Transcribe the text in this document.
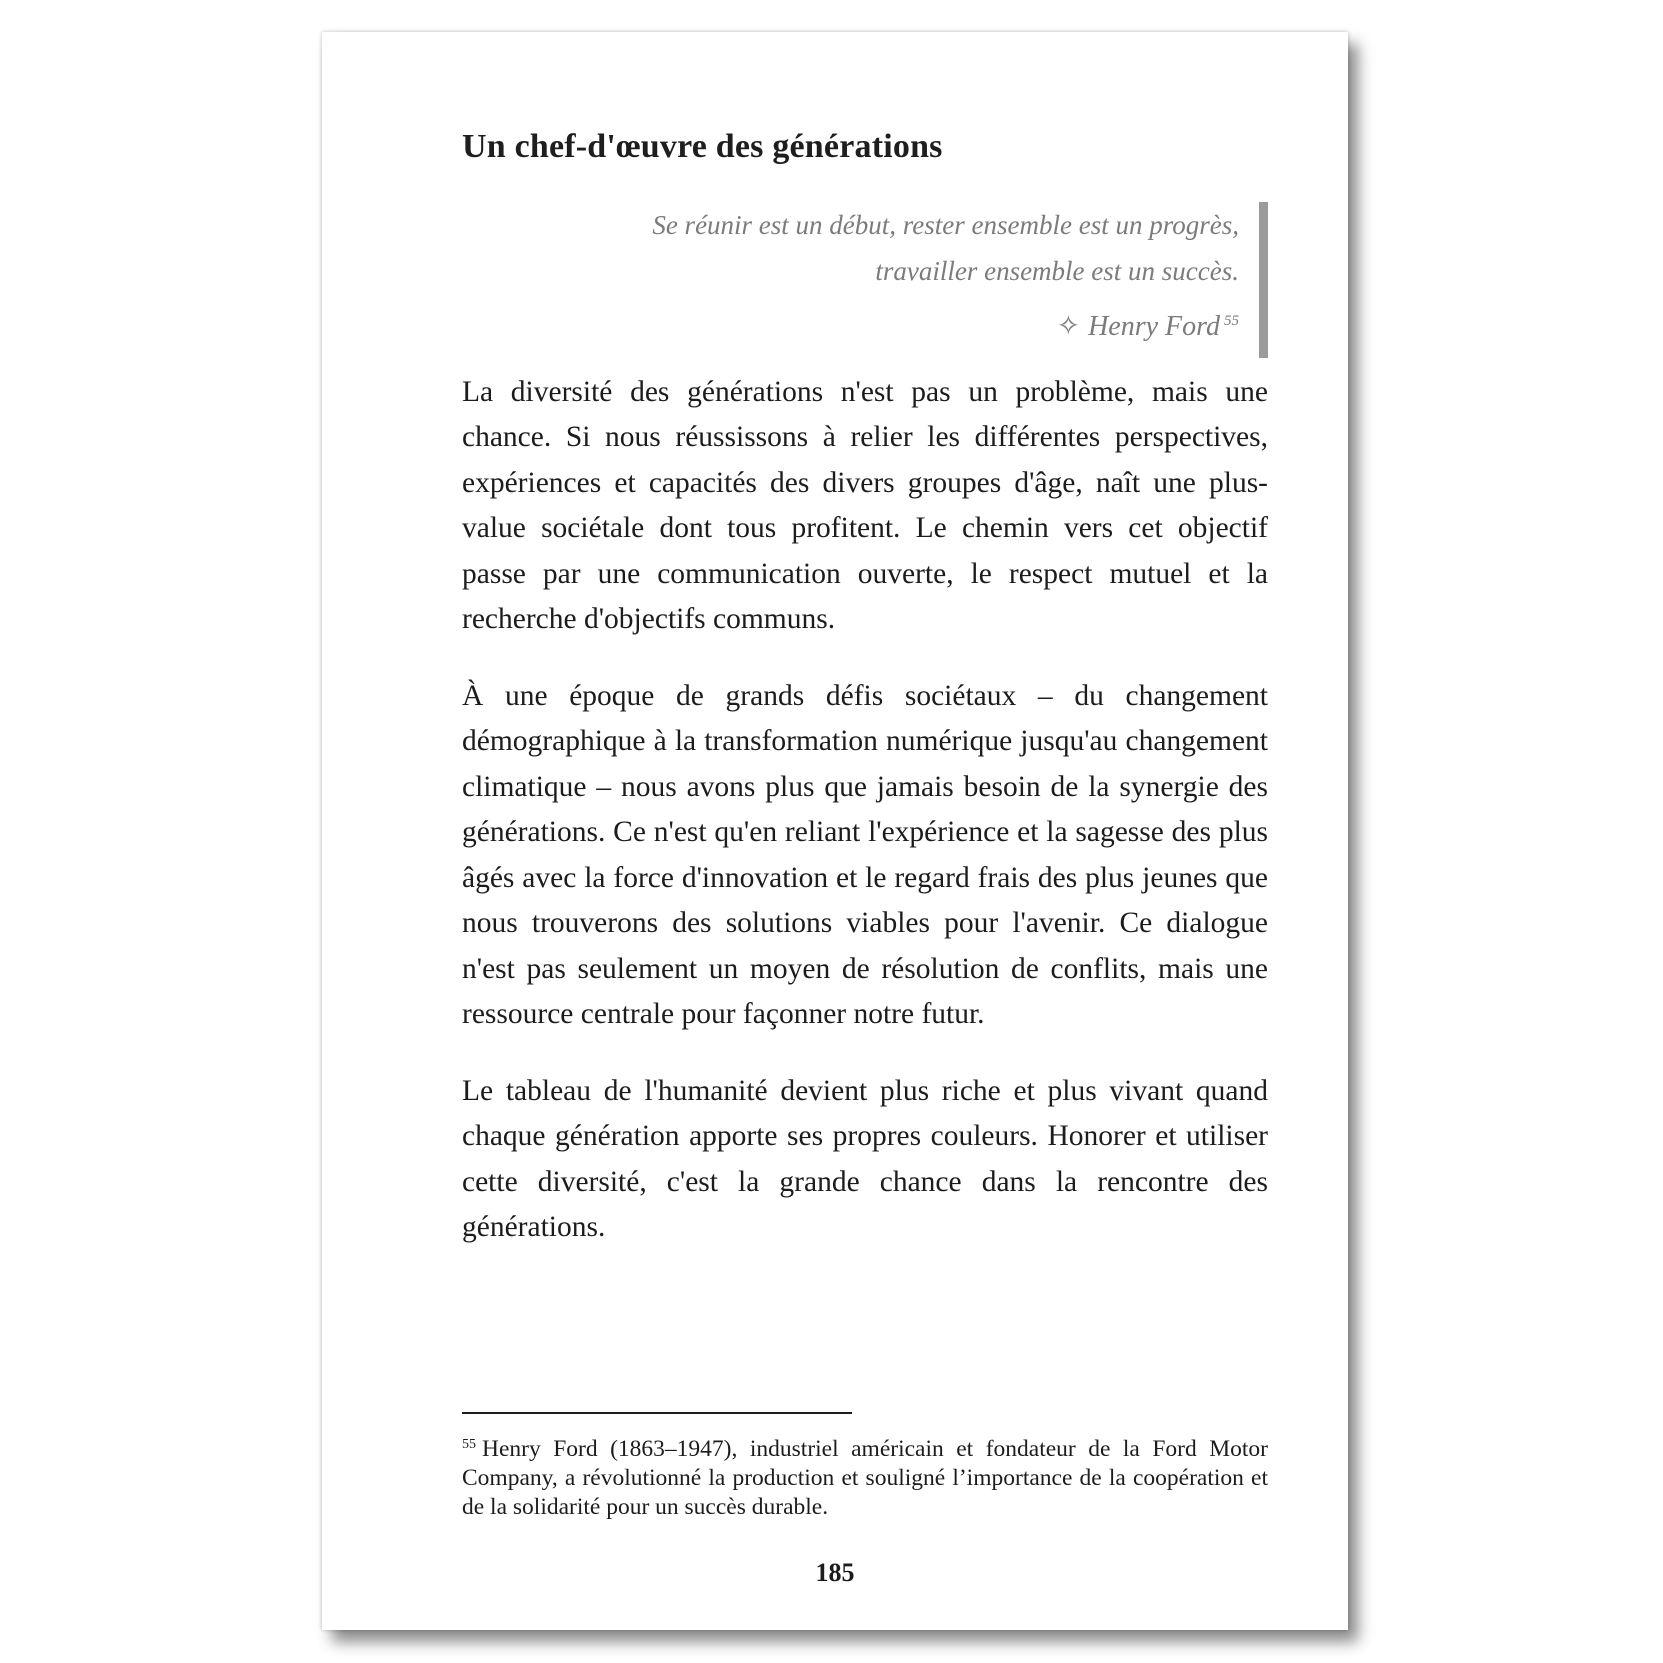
Un chef-d'œuvre des générations
Se réunir est un début, rester ensemble est un progrès,
travailler ensemble est un succès.
✧ Henry Ford $^{55}$

La diversité des générations n'est pas un problème, mais une chance. Si nous réussissons à relier les différentes perspectives, expériences et capacités des divers groupes d'âge, naît une plus-value sociétale dont tous profitent. Le chemin vers cet objectif passe par une communication ouverte, le respect mutuel et la recherche d'objectifs communs.

À une époque de grands défis sociétaux – du changement démographique à la transformation numérique jusqu'au changement climatique – nous avons plus que jamais besoin de la synergie des générations. Ce n'est qu'en reliant l'expérience et la sagesse des plus âgés avec la force d'innovation et le regard frais des plus jeunes que nous trouverons des solutions viables pour l'avenir. Ce dialogue n'est pas seulement un moyen de résolution de conflits, mais une ressource centrale pour façonner notre futur.

Le tableau de l'humanité devient plus riche et plus vivant quand chaque génération apporte ses propres couleurs. Honorer et utiliser cette diversité, c'est la grande chance dans la rencontre des générations.

$^{55}$ Henry Ford (1863–1947), industriel américain et fondateur de la Ford Motor Company, a révolutionné la production et souligné l’importance de la coopération et de la solidarité pour un succès durable.
185
